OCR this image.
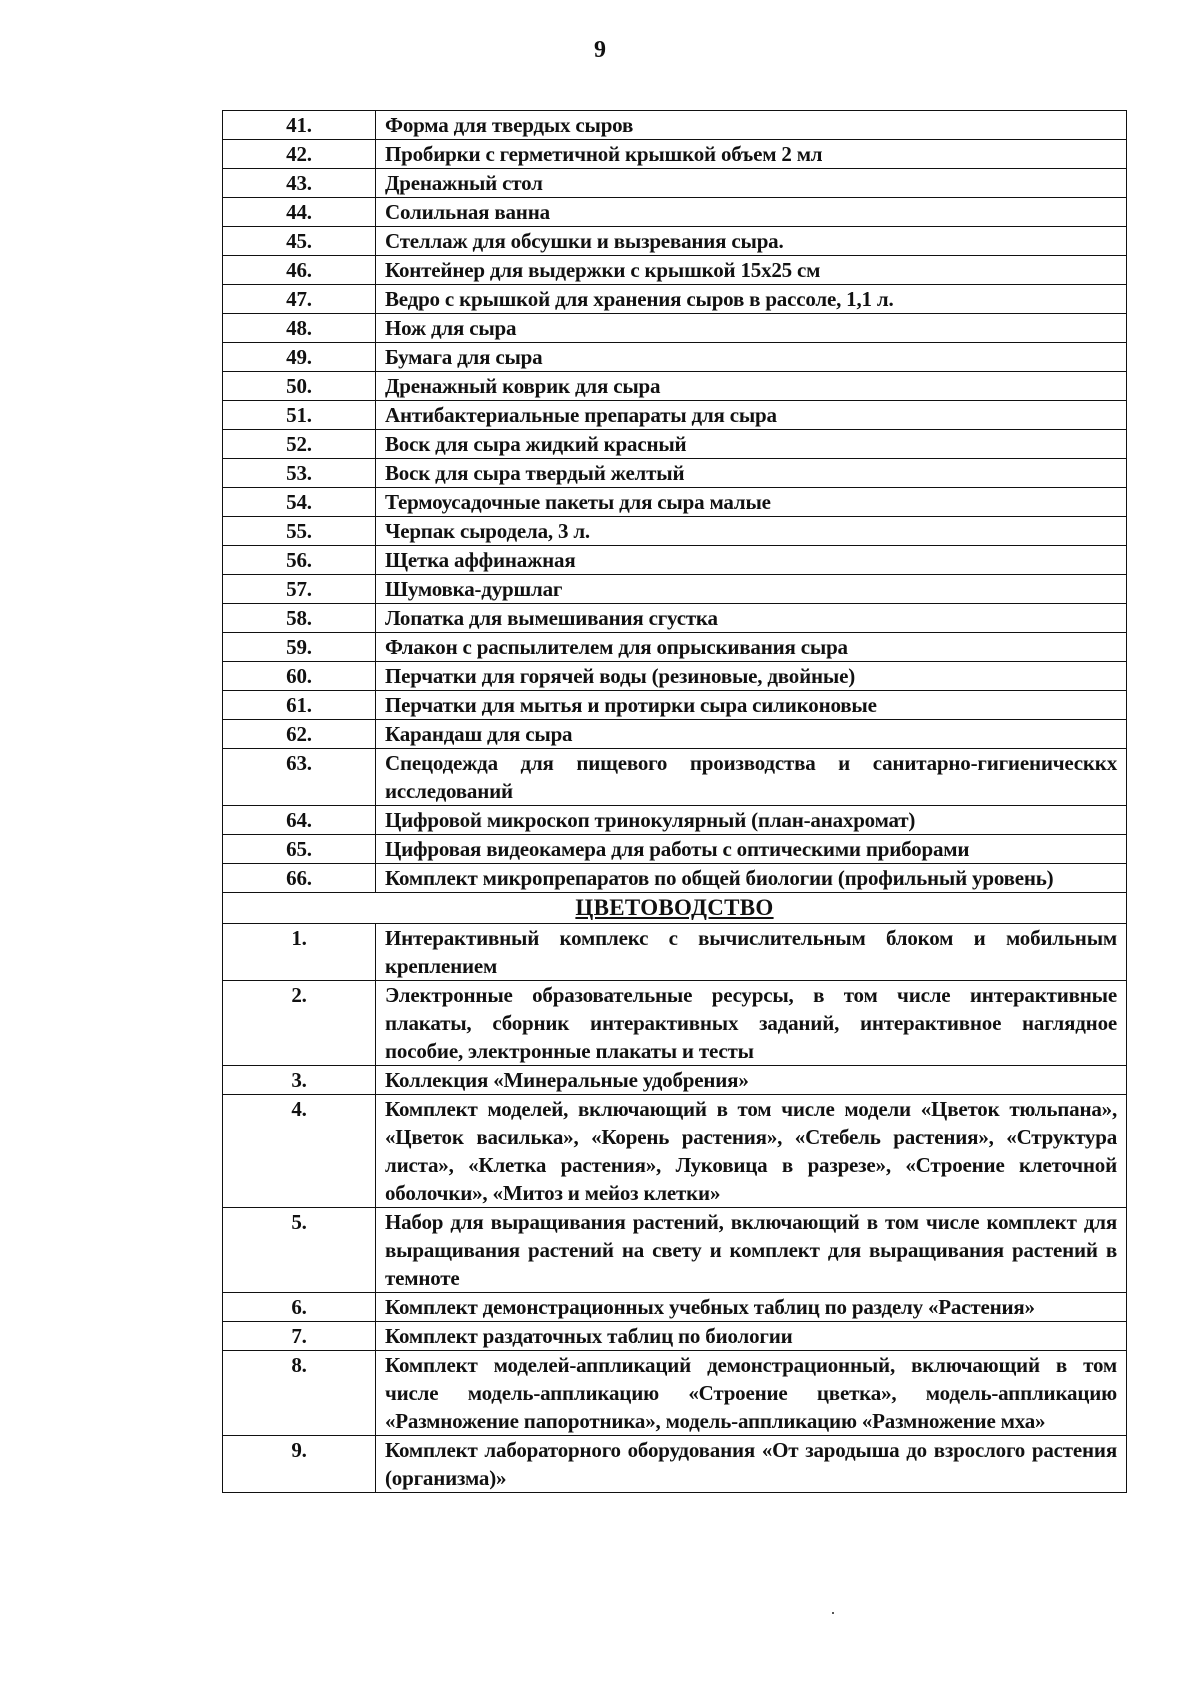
9
41.	Форма для твердых сыров
42.	Пробирки с герметичной крышкой объем 2 мл
43.	Дренажный стол
44.	Солильная ванна
45.	Стеллаж для обсушки и вызревания сыра.
46.	Контейнер для выдержки с крышкой 15x25 см
47.	Ведро с крышкой для хранения сыров в рассоле, 1,1 л.
48.	Нож для сыра
49.	Бумага для сыра
50.	Дренажный коврик для сыра
51.	Антибактериальные препараты для сыра
52.	Воск для сыра жидкий красный
53.	Воск для сыра твердый желтый
54.	Термоусадочные пакеты для сыра малые
55.	Черпак сыродела, 3 л.
56.	Щетка аффинажная
57.	Шумовка-дуршлаг
58.	Лопатка для вымешивания сгустка
59.	Флакон с распылителем для опрыскивания сыра
60.	Перчатки для горячей воды (резиновые, двойные)
61.	Перчатки для мытья и протирки сыра силиконовые
62.	Карандаш для сыра
63.	Спецодежда для пищевого производства и санитарно-гигиеническкх исследований
64.	Цифровой микроскоп тринокулярный (план-анахромат)
65.	Цифровая видеокамера для работы с оптическими приборами
66.	Комплект микропрепаратов по общей биологии (профильный уровень)
ЦВЕТОВОДСТВО	
1.	Интерактивный комплекс с вычислительным блоком и мобильным креплением
2.	Электронные образовательные ресурсы, в том числе интерактивные плакаты, сборник интерактивных заданий, интерактивное наглядное пособие, электронные плакаты и тесты
3.	Коллекция «Минеральные удобрения»
4.	Комплект моделей, включающий в том числе модели «Цветок тюльпана», «Цветок василька», «Корень растения», «Стебель растения», «Структура листа», «Клетка растения», Луковица в разрезе», «Строение клеточной оболочки», «Митоз и мейоз клетки»
5.	Набор для выращивания растений, включающий в том числе комплект для выращивания растений на свету и комплект для выращивания растений в темноте
6.	Комплект демонстрационных учебных таблиц по разделу «Растения»
7.	Комплект раздаточных таблиц по биологии
8.	Комплект моделей-аппликаций демонстрационный, включающий в том числе модель-аппликацию «Строение цветка», модель-аппликацию «Размножение папоротника», модель-аппликацию «Размножение мха»
9.	Комплект лабораторного оборудования «От зародыша до взрослого растения (организма)»
